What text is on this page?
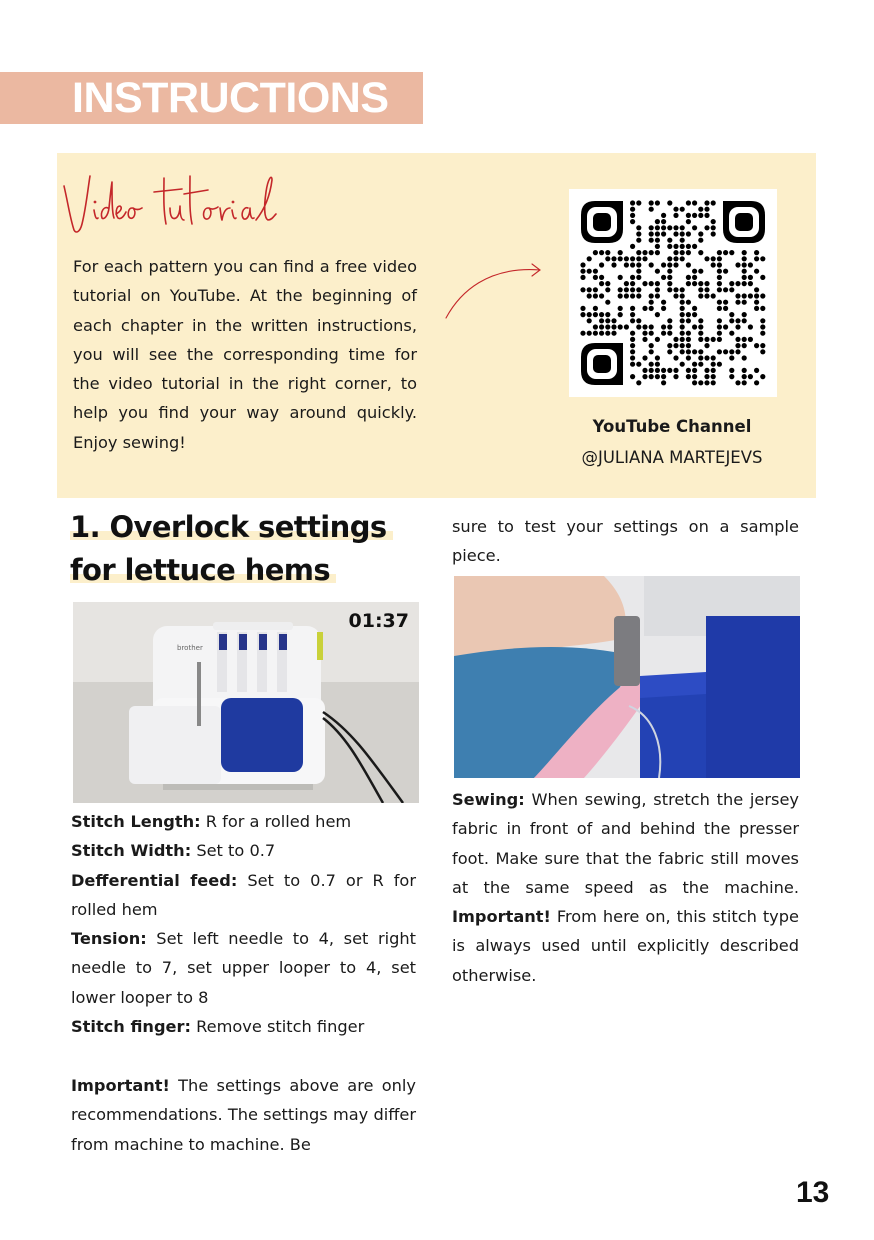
INSTRUCTIONS
For each pattern you can find a free video tutorial on YouTube. At the beginning of each chapter in the written instructions, you will see the corresponding time for the video tutorial in the right corner, to help you find your way around quickly. Enjoy sewing!
YouTube Channel
@JULIANA MARTEJEVS
1. Overlock settings
for lettuce hems
brother
01:37
Stitch Length: R for a rolled hem
Stitch Width: Set to 0.7
Defferential feed: Set to 0.7 or R for rolled hem
Tension: Set left needle to 4, set right needle to 7, set upper looper to 4, set lower looper to 8
Stitch finger: Remove stitch finger
Important! The settings above are only recommendations. The settings may differ from machine to machine. Be
sure to test your settings on a sample piece.
Sewing: When sewing, stretch the jersey fabric in front of and behind the presser foot. Make sure that the fabric still moves at the same speed as the machine. Important! From here on, this stitch type is always used until explicitly described otherwise.
13
